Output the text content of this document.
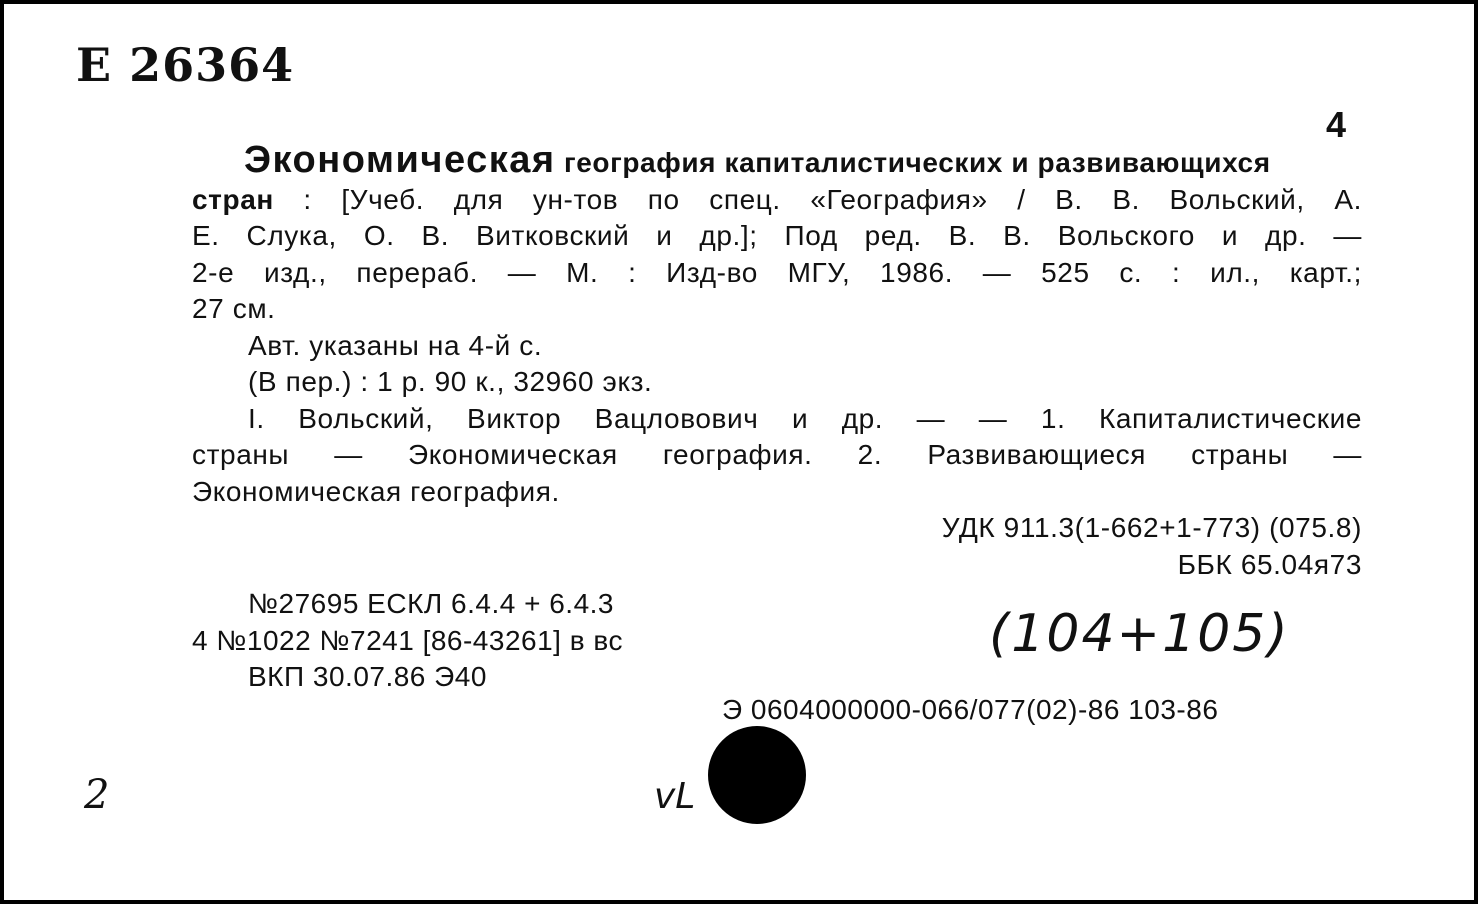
Е 26364
4

Экономическая география капиталистических и развивающихся

стран : [Учеб. для ун-тов по спец. «География» / В. В. Вольский, А.

Е. Слука, О. В. Витковский и др.]; Под ред. В. В. Вольского и др. —

2-е изд., перераб. — М. : Изд-во МГУ, 1986. — 525 с. : ил., карт.;

27 см.

Авт. указаны на 4-й с.

(В пер.) : 1 р. 90 к., 32960 экз.

I. Вольский, Виктор Вацловович и др. — — 1. Капиталистические

страны — Экономическая география. 2. Развивающиеся страны —

Экономическая география.

УДК 911.3(1-662+1-773) (075.8)

ББК 65.04я73

№27695 ЕСКЛ 6.4.4 + 6.4.3

4 №1022 №7241 [86-43261] в вс

ВКП 30.07.86 Э40

(104+105)
Э 0604000000-066/077(02)-86 103-86
2	vL
